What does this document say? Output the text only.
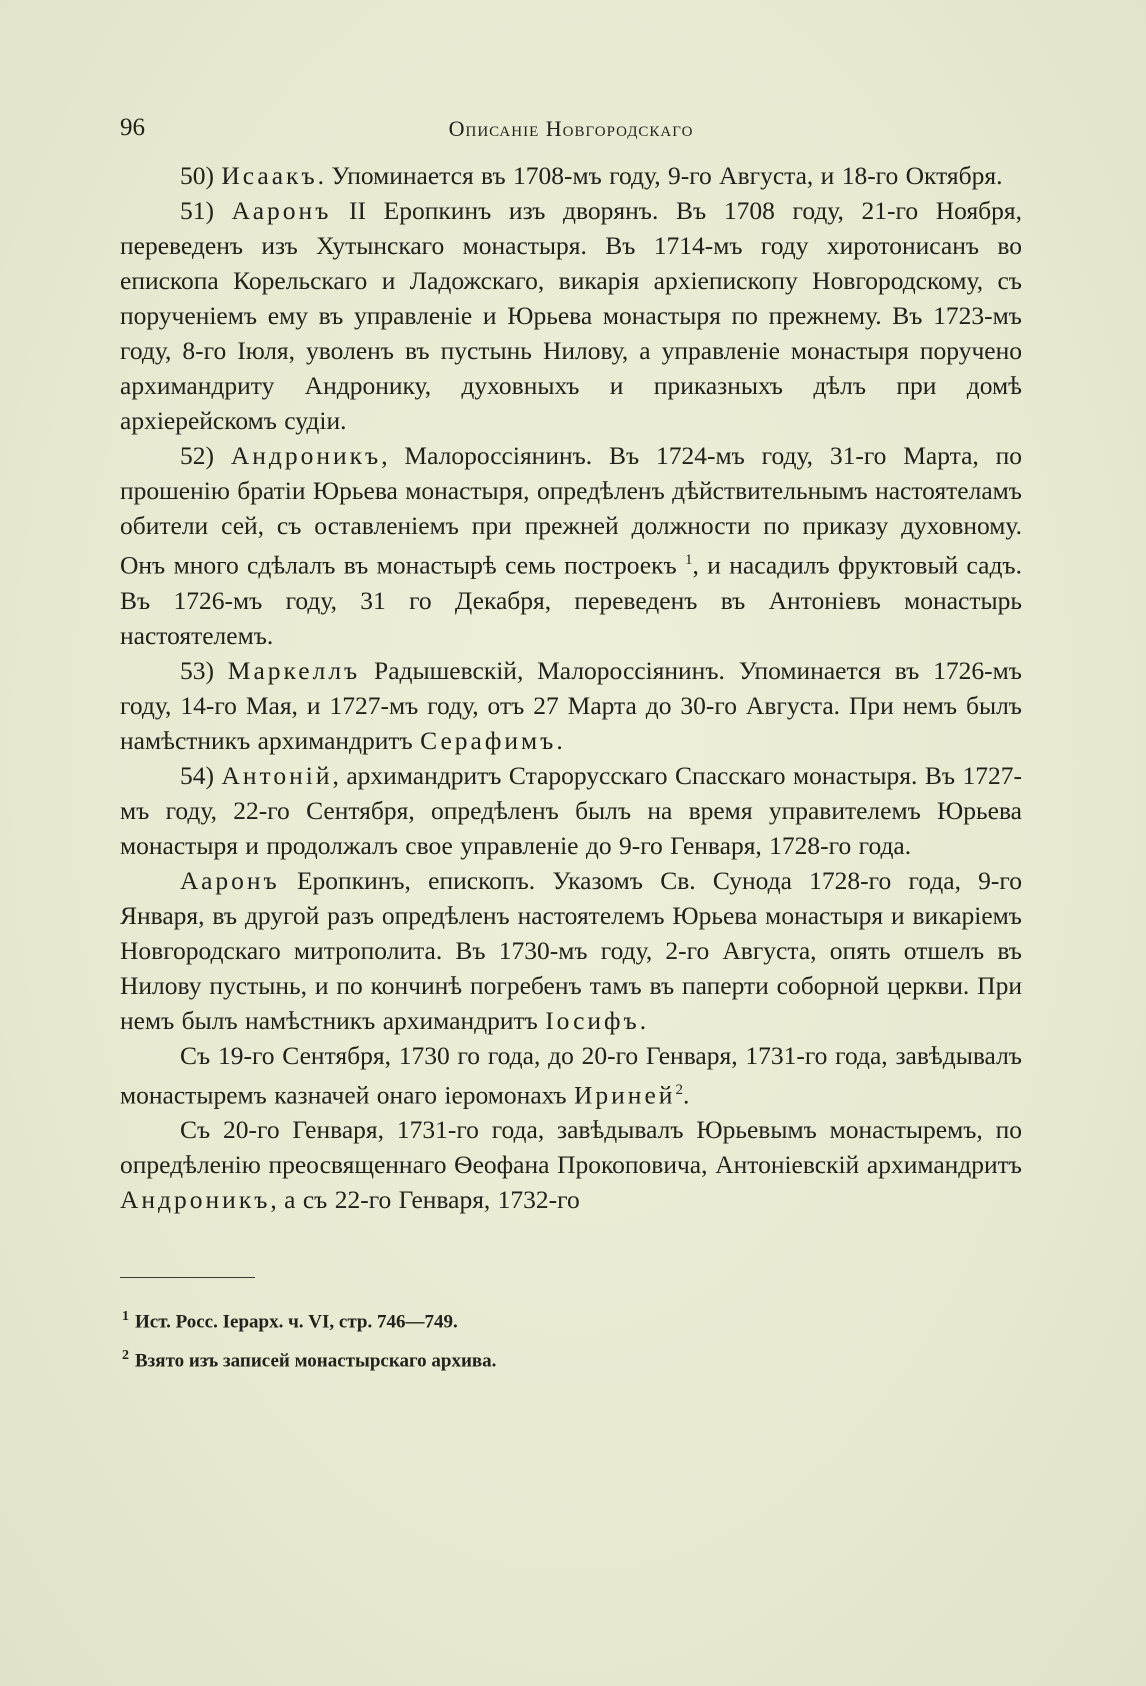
96	Описаніе Новгородскаго

50) Исаакъ. Упоминается въ 1708-мъ году, 9-го Августа, и 18-го Октября.

51) Ааронъ II Еропкинъ изъ дворянъ. Въ 1708 году, 21-го Ноября, переведенъ изъ Хутынскаго монастыря. Въ 1714-мъ году хиротонисанъ во епископа Корельскаго и Ладожскаго, викарія архіепископу Новгородскому, съ порученіемъ ему въ управленіе и Юрьева монастыря по прежнему. Въ 1723-мъ году, 8-го Іюля, уволенъ въ пустынь Нилову, а управленіе монастыря поручено архимандриту Андронику, духовныхъ и приказныхъ дѣлъ при домѣ архіерейскомъ судіи.

52) Андроникъ, Малороссіянинъ. Въ 1724-мъ году, 31-го Марта, по прошенію братіи Юрьева монастыря, опредѣленъ дѣйствительнымъ настоятеламъ обители сей, съ оставленіемъ при прежней должности по приказу духовному. Онъ много сдѣлалъ въ монастырѣ семь построекъ $^1$, и насадилъ фруктовый садъ. Въ 1726-мъ году, 31 го Декабря, переведенъ въ Антоніевъ монастырь настоятелемъ.

53) Маркеллъ Радышевскій, Малороссіянинъ. Упоминается въ 1726-мъ году, 14-го Мая, и 1727-мъ году, отъ 27 Марта до 30-го Августа. При немъ былъ намѣстникъ архимандритъ Серафимъ.

54) Антоній, архимандритъ Старорусскаго Спасскаго монастыря. Въ 1727-мъ году, 22-го Сентября, опредѣленъ былъ на время управителемъ Юрьева монастыря и продолжалъ свое управленіе до 9-го Генваря, 1728-го года.

Ааронъ Еропкинъ, епископъ. Указомъ Св. Сунода 1728-го года, 9-го Января, въ другой разъ опредѣленъ настоятелемъ Юрьева монастыря и викаріемъ Новгородскаго митрополита. Въ 1730-мъ году, 2-го Августа, опять отшелъ въ Нилову пустынь, и по кончинѣ погребенъ тамъ въ паперти соборной церкви. При немъ былъ намѣстникъ архимандритъ Іосифъ.

Съ 19-го Сентября, 1730 го года, до 20-го Генваря, 1731-го года, завѣдывалъ монастыремъ казначей онаго іеромонахъ Ириней$^2$.

Съ 20-го Генваря, 1731-го года, завѣдывалъ Юрьевымъ монастыремъ, по опредѣленію преосвященнаго Ѳеофана Прокоповича, Антоніевскій архимандритъ Андроникъ, а съ 22-го Генваря, 1732-го

$^1$ Ист. Росс. Іерарх. ч. VI, стр. 746—749.
$^2$ Взято изъ записей монастырскаго архива.
